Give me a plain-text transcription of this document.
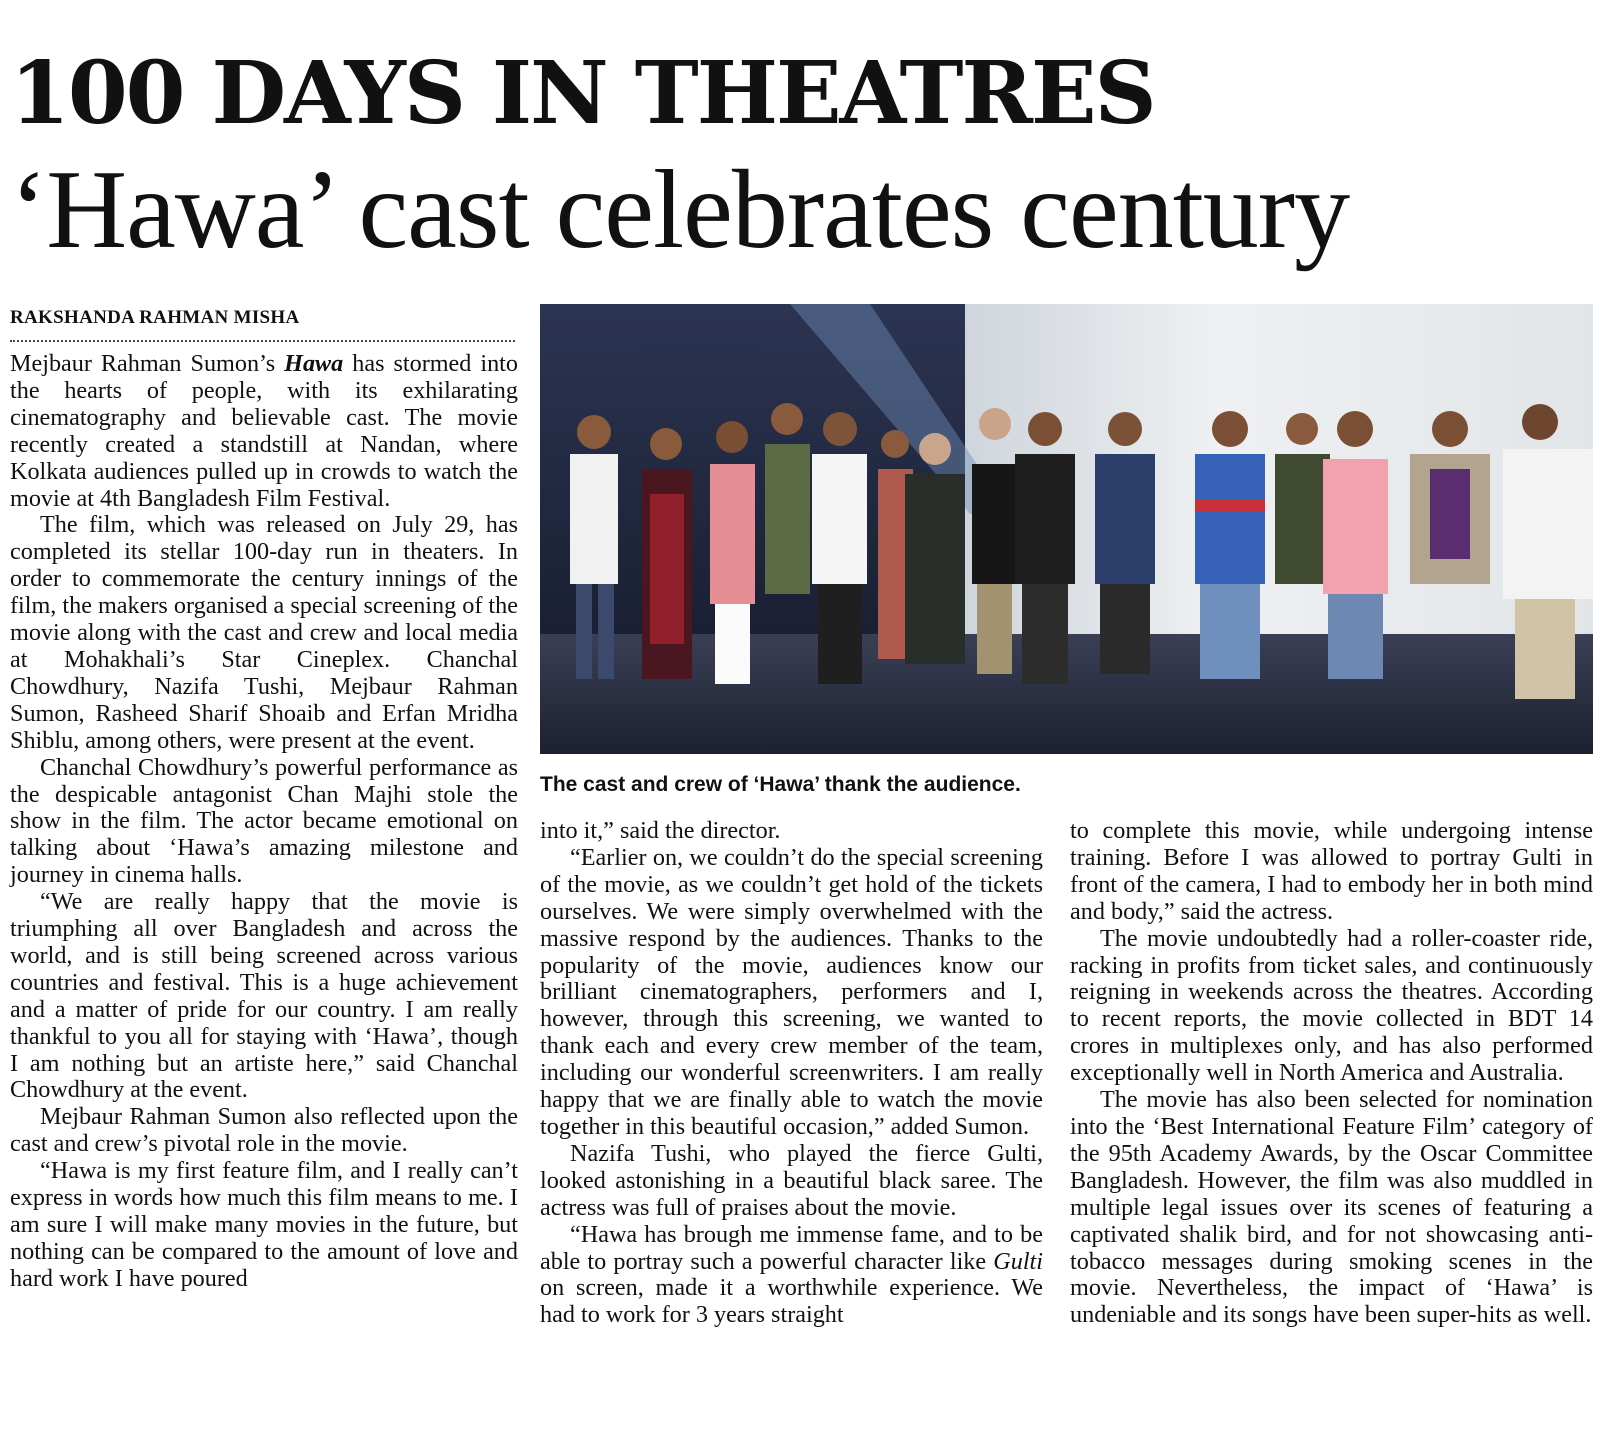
100 DAYS IN THEATRES
‘Hawa’ cast celebrates century
RAKSHANDA RAHMAN MISHA

Mejbaur Rahman Sumon’s Hawa has stormed into the hearts of people, with its exhilarating cinematography and believable cast. The movie recently created a standstill at Nandan, where Kolkata audiences pulled up in crowds to watch the movie at 4th Bangladesh Film Festival.

The film, which was released on July 29, has completed its stellar 100-day run in theaters. In order to commemorate the century innings of the film, the makers organised a special screening of the movie along with the cast and crew and local media at Mohakhali’s Star Cineplex. Chanchal Chowdhury, Nazifa Tushi, Mejbaur Rahman Sumon, Rasheed Sharif Shoaib and Erfan Mridha Shiblu, among others, were present at the event.

Chanchal Chowdhury’s powerful performance as the despicable antagonist Chan Majhi stole the show in the film. The actor became emotional on talking about ‘Hawa’s amazing milestone and journey in cinema halls.

“We are really happy that the movie is triumphing all over Bangladesh and across the world, and is still being screened across various countries and festival. This is a huge achievement and a matter of pride for our country. I am really thankful to you all for staying with ‘Hawa’, though I am nothing but an artiste here,” said Chanchal Chowdhury at the event.

Mejbaur Rahman Sumon also reflected upon the cast and crew’s pivotal role in the movie.

“Hawa is my first feature film, and I really can’t express in words how much this film means to me. I am sure I will make many movies in the future, but nothing can be compared to the amount of love and hard work I have poured

The cast and crew of ‘Hawa’ thank the audience.

into it,” said the director.

“Earlier on, we couldn’t do the special screening of the movie, as we couldn’t get hold of the tickets ourselves. We were simply overwhelmed with the massive respond by the audiences. Thanks to the popularity of the movie, audiences know our brilliant cinematographers, performers and I, however, through this screening, we wanted to thank each and every crew member of the team, including our wonderful screenwriters. I am really happy that we are finally able to watch the movie together in this beautiful occasion,” added Sumon.

Nazifa Tushi, who played the fierce Gulti, looked astonishing in a beautiful black saree. The actress was full of praises about the movie.

“Hawa has brough me immense fame, and to be able to portray such a powerful character like Gulti on screen, made it a worthwhile experience. We had to work for 3 years straight

to complete this movie, while undergoing intense training. Before I was allowed to portray Gulti in front of the camera, I had to embody her in both mind and body,” said the actress.

The movie undoubtedly had a roller-coaster ride, racking in profits from ticket sales, and continuously reigning in weekends across the theatres. According to recent reports, the movie collected in BDT 14 crores in multiplexes only, and has also performed exceptionally well in North America and Australia.

The movie has also been selected for nomination into the ‘Best International Feature Film’ category of the 95th Academy Awards, by the Oscar Committee Bangladesh. However, the film was also muddled in multiple legal issues over its scenes of featuring a captivated shalik bird, and for not showcasing anti-tobacco messages during smoking scenes in the movie. Nevertheless, the impact of ‘Hawa’ is undeniable and its songs have been super-hits as well.
